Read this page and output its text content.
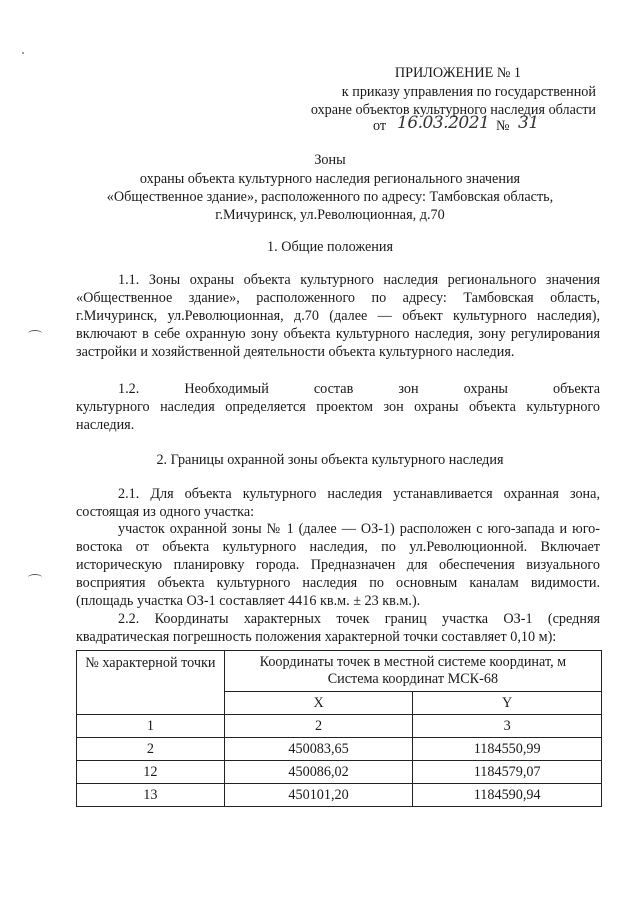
ПРИЛОЖЕНИЕ № 1
к приказу управления по государственной
охране объектов культурного наследия области
от 16.03.2021 № 31
Зоны
охраны объекта культурного наследия регионального значения
«Общественное здание», расположенного по адресу: Тамбовская область,
г.Мичуринск, ул.Революционная, д.70
1. Общие положения
1.1. Зоны охраны объекта культурного наследия регионального значения «Общественное здание», расположенного по адресу: Тамбовская область, г.Мичуринск, ул.Революционная, д.70 (далее — объект культурного наследия), включают в себе охранную зону объекта культурного наследия, зону регулирования застройки и хозяйственной деятельности объекта культурного наследия.
1.2. Необходимый состав зон охраны объекта
культурного наследия определяется проектом зон охраны объекта культурного наследия.
2. Границы охранной зоны объекта культурного наследия
2.1. Для объекта культурного наследия устанавливается охранная зона, состоящая из одного участка:
участок охранной зоны № 1 (далее — ОЗ-1) расположен с юго-запада и юго-востока от объекта культурного наследия, по ул.Революционной. Включает историческую планировку города. Предназначен для обеспечения визуального восприятия объекта культурного наследия по основным каналам видимости. (площадь участка ОЗ-1 составляет 4416 кв.м. ± 23 кв.м.).
2.2. Координаты характерных точек границ участка ОЗ-1 (средняя квадратическая погрешность положения характерной точки составляет 0,10 м):
№ характерной точки	Координаты точек в местной системе координат, м
Система координат МСК-68	

	X	Y
1	2	3
2	450083,65	1184550,99
12	450086,02	1184579,07
13	450101,20	1184590,94
